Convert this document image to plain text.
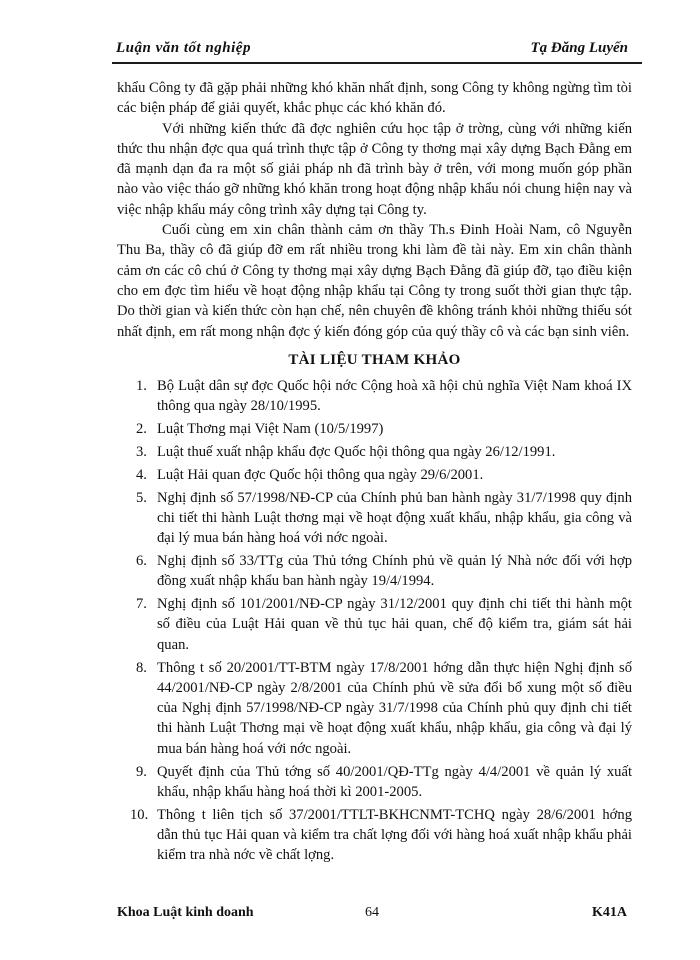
Luận văn tốt nghiệp	Tạ Đăng Luyến

khẩu Công ty đã gặp phải những khó khăn nhất định, song Công ty không ngừng tìm tòi các biện pháp để giải quyết, khắc phục các khó khăn đó.

Với những kiến thức đã đợc nghiên cứu học tập ở trờng, cùng với những kiến thức thu nhận đợc qua quá trình thực tập ở Công ty thơng mại xây dựng Bạch Đằng em đã mạnh dạn đa ra một số giải pháp nh đã trình bày ở trên, với mong muốn góp phần nào vào việc tháo gỡ những khó khăn trong hoạt động nhập khẩu nói chung hiện nay và việc nhập khẩu máy công trình xây dựng tại Công ty.

Cuối cùng em xin chân thành cảm ơn thầy Th.s Đinh Hoài Nam, cô Nguyễn Thu Ba, thầy cô đã giúp đỡ em rất nhiều trong khi làm đề tài này. Em xin chân thành cảm ơn các cô chú ở Công ty thơng mại xây dựng Bạch Đằng đã giúp đỡ, tạo điều kiện cho em đợc tìm hiểu về hoạt động nhập khẩu tại Công ty trong suốt thời gian thực tập. Do thời gian và kiến thức còn hạn chế, nên chuyên đề không tránh khỏi những thiếu sót nhất định, em rất mong nhận đợc ý kiến đóng góp của quý thầy cô và các bạn sinh viên.

TÀI LIỆU THAM KHẢO
1. Bộ Luật dân sự đợc Quốc hội nớc Cộng hoà xã hội chủ nghĩa Việt Nam khoá IX thông qua ngày 28/10/1995.
2. Luật Thơng mại Việt Nam (10/5/1997)
3. Luật thuế xuất nhập khẩu đợc Quốc hội thông qua ngày 26/12/1991.
4. Luật Hải quan đợc Quốc hội thông qua ngày 29/6/2001.
5. Nghị định số 57/1998/NĐ-CP của Chính phủ ban hành ngày 31/7/1998 quy định chi tiết thi hành Luật thơng mại về hoạt động xuất khẩu, nhập khẩu, gia công và đại lý mua bán hàng hoá với nớc ngoài.
6. Nghị định số 33/TTg của Thủ tớng Chính phủ về quản lý Nhà nớc đối với hợp đồng xuất nhập khẩu ban hành ngày 19/4/1994.
7. Nghị định số 101/2001/NĐ-CP ngày 31/12/2001 quy định chi tiết thi hành một số điều của Luật Hải quan về thủ tục hải quan, chế độ kiểm tra, giám sát hải quan.
8. Thông t số 20/2001/TT-BTM ngày 17/8/2001 hớng dẫn thực hiện Nghị định số 44/2001/NĐ-CP ngày 2/8/2001 của Chính phủ về sửa đổi bổ xung một số điều của Nghị định 57/1998/NĐ-CP ngày 31/7/1998 của Chính phủ quy định chi tiết thi hành Luật Thơng mại về hoạt động xuất khẩu, nhập khẩu, gia công và đại lý mua bán hàng hoá với nớc ngoài.
9. Quyết định của Thủ tớng số 40/2001/QĐ-TTg ngày 4/4/2001 về quản lý xuất khẩu, nhập khẩu hàng hoá thời kì 2001-2005.
10. Thông t liên tịch số 37/2001/TTLT-BKHCNMT-TCHQ ngày 28/6/2001 hớng dẫn thủ tục Hải quan và kiểm tra chất lợng đối với hàng hoá xuất nhập khẩu phải kiểm tra nhà nớc về chất lợng.
Khoa Luật kinh doanh	64	K41A
